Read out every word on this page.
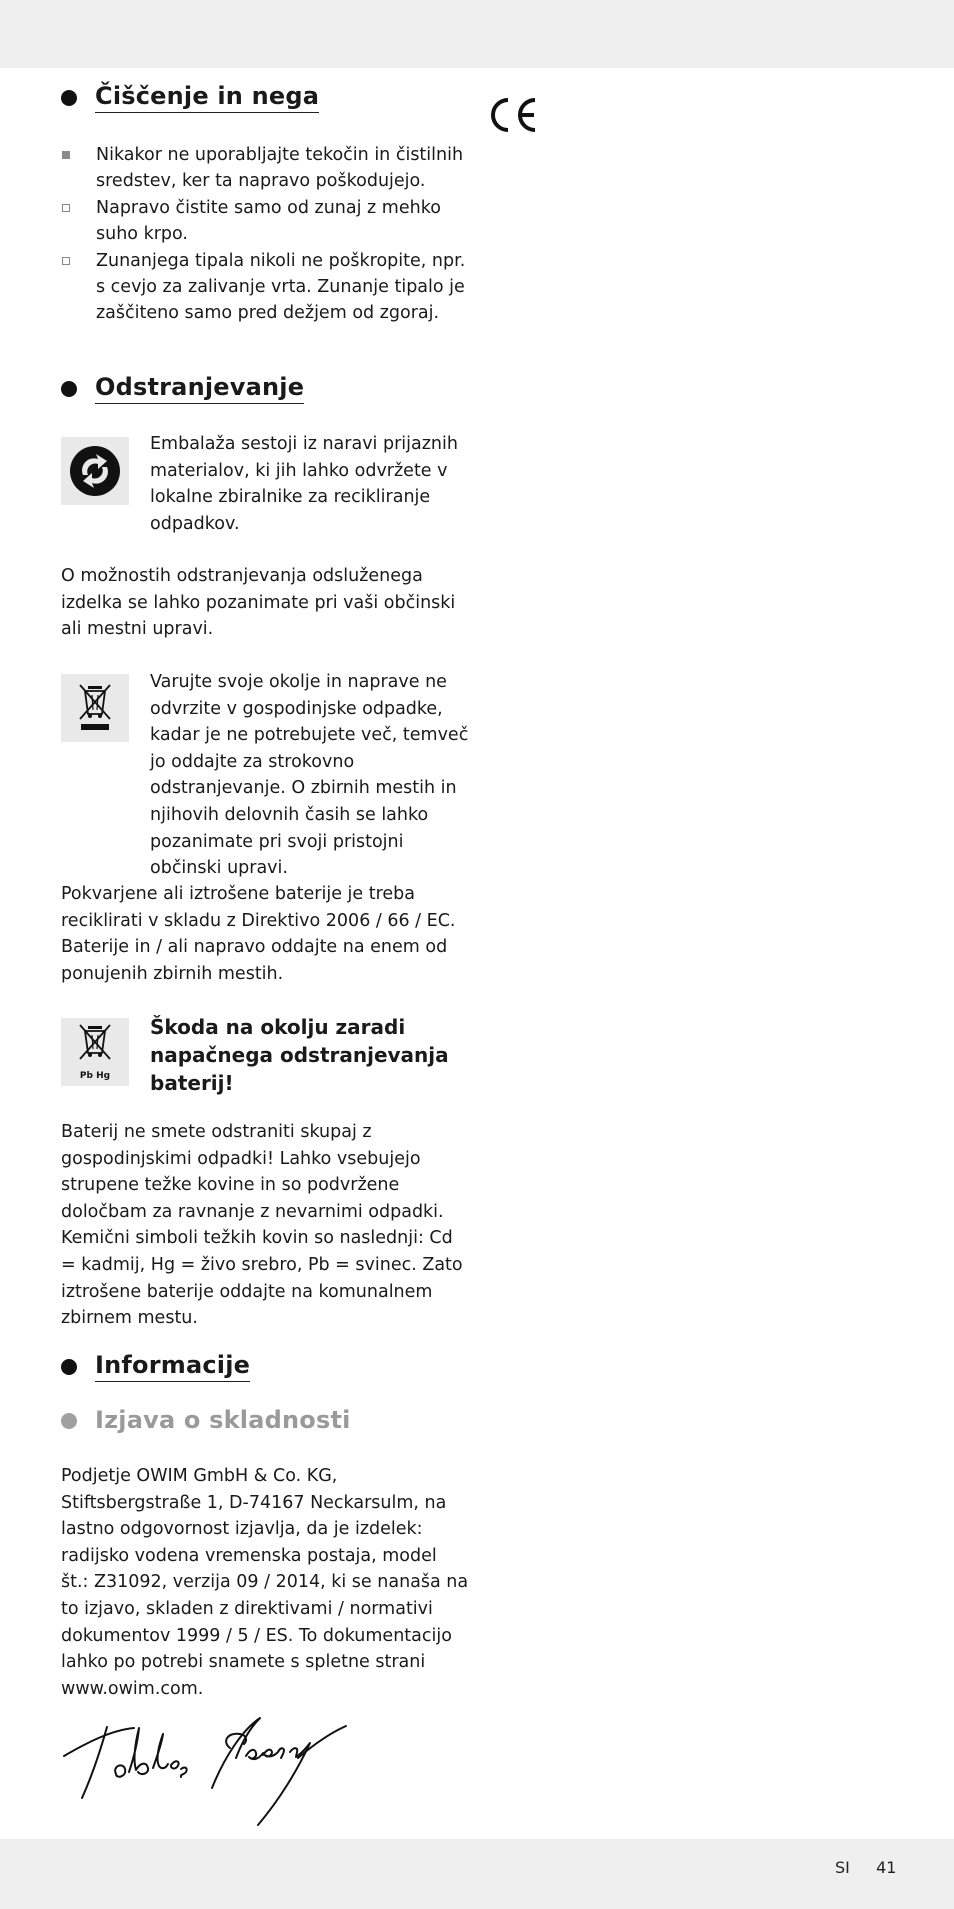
Čiščenje in nega
Nikakor ne uporabljajte tekočin in čistilnih sredstev, ker ta napravo poškodujejo.
Napravo čistite samo od zunaj z mehko suho krpo.
Zunanjega tipala nikoli ne poškropite, npr. s cevjo za zalivanje vrta. Zunanje tipalo je zaščiteno samo pred dežjem od zgoraj.
Odstranjevanje

Embalaža sestoji iz naravi prijaznih materialov, ki jih lahko odvržete v lokalne zbiralnike za recikliranje odpadkov.

O možnostih odstranjevanja odsluženega izdelka se lahko pozanimate pri vaši občinski ali mestni upravi.

Varujte svoje okolje in naprave ne odvrzite v gospodinjske odpadke, kadar je ne potrebujete več, temveč jo oddajte za strokovno odstranjevanje. O zbirnih mestih in njihovih delovnih časih se lahko pozanimate pri svoji pristojni občinski upravi.

Pokvarjene ali iztrošene baterije je treba reciklirati v skladu z Direktivo 2006 / 66 / EC. Baterije in / ali napravo oddajte na enem od ponujenih zbirnih mestih.

Pb Hg

Škoda na okolju zaradi napačnega odstranjevanja baterij!

Baterij ne smete odstraniti skupaj z gospodinjskimi odpadki! Lahko vsebujejo strupene težke kovine in so podvržene določbam za ravnanje z nevarnimi odpadki. Kemični simboli težkih kovin so naslednji: Cd = kadmij, Hg = živo srebro, Pb = svinec. Zato iztrošene baterije oddajte na komunalnem zbirnem mestu.

Informacije
Izjava o skladnosti

Podjetje OWIM GmbH & Co. KG, Stiftsbergstraße 1, D-74167 Neckarsulm, na lastno odgovornost izjavlja, da je izdelek: radijsko vodena vremenska postaja, model št.: Z31092, verzija 09 / 2014, ki se nanaša na to izjavo, skladen z direktivami / normativi dokumentov 1999 / 5 / ES. To dokumentacijo lahko po potrebi snamete s spletne strani www.owim.com.

SI 41
